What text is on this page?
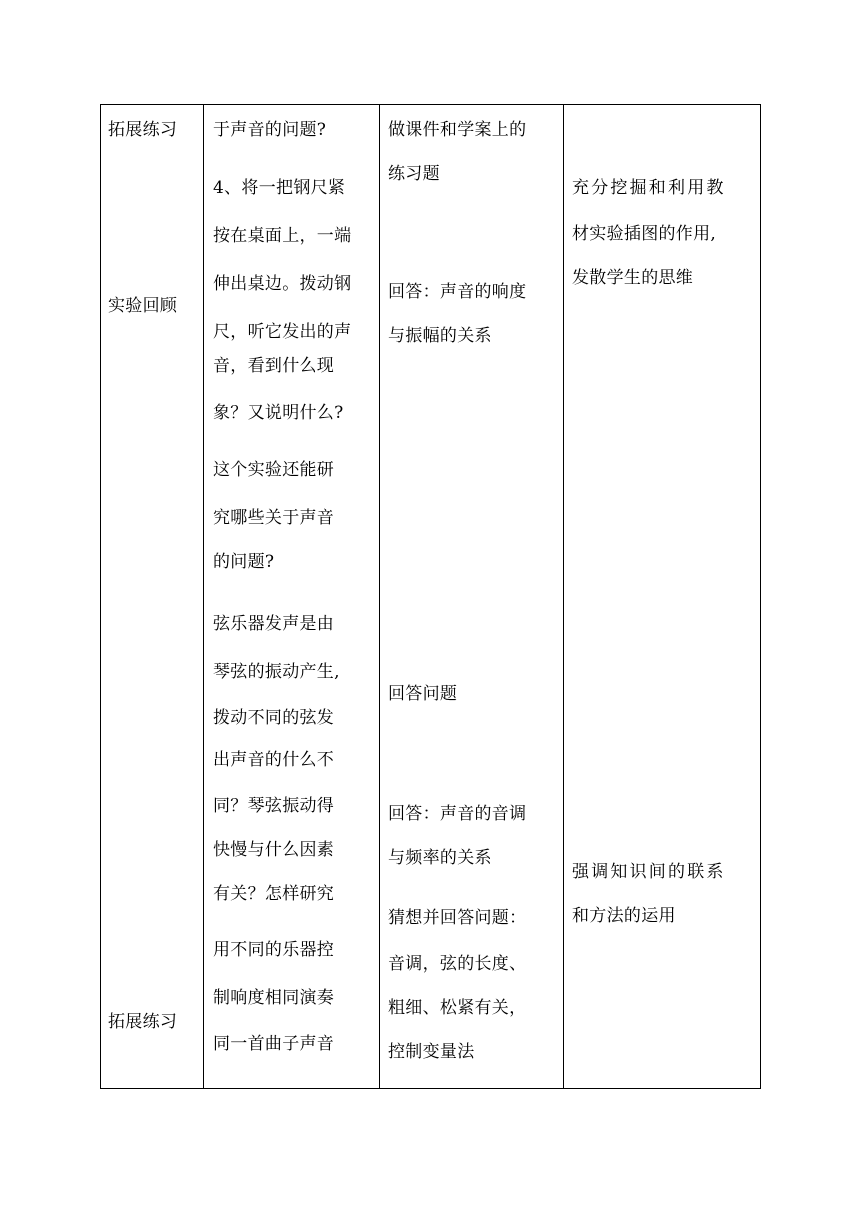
拓展练习
实验回顾
拓展练习
于声音的问题?
4、将一把钢尺紧
按在桌面上，一端
伸出桌边。拨动钢
尺，听它发出的声
音，看到什么现
象？又说明什么?
这个实验还能研
究哪些关于声音
的问题?
弦乐器发声是由
琴弦的振动产生,
拨动不同的弦发
出声音的什么不
同？琴弦振动得
快慢与什么因素
有关？怎样研究
用不同的乐器控
制响度相同演奏
同一首曲子声音
做课件和学案上的
练习题
回答：声音的响度
与振幅的关系
回答问题
回答：声音的音调
与频率的关系
猜想并回答问题：
音调，弦的长度、
粗细、松紧有关，
控制变量法
充分挖掘和利用教
材实验插图的作用,
发散学生的思维
强调知识间的联系
和方法的运用
